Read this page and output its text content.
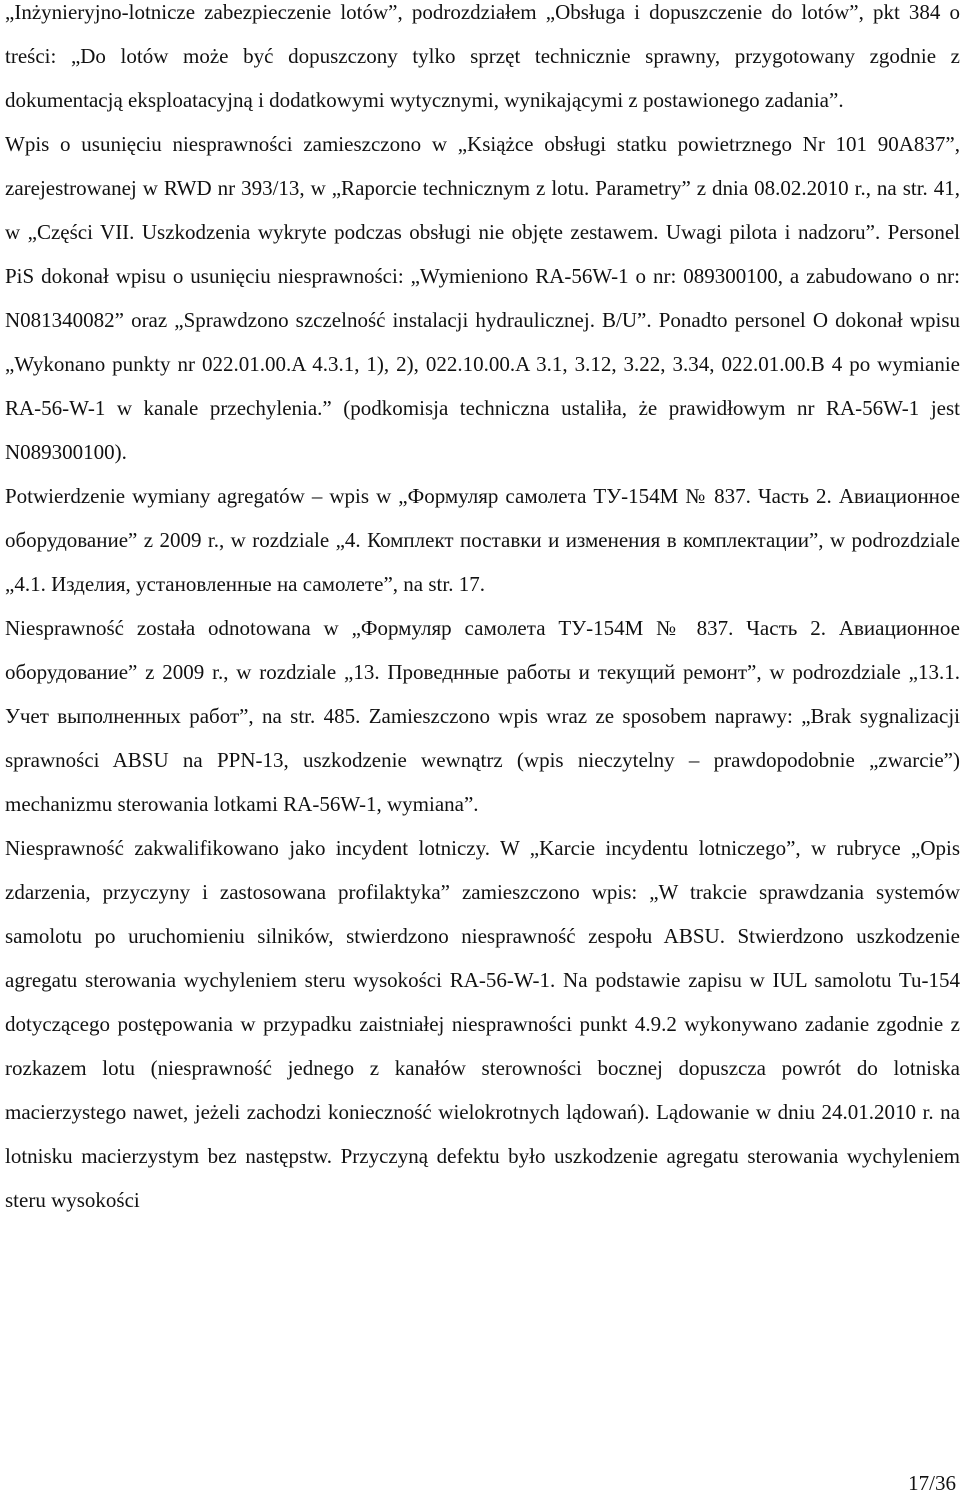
„Inżynieryjno-lotnicze zabezpieczenie lotów”, podrozdziałem „Obsługa i dopuszczenie do lotów”, pkt 384 o treści: „Do lotów może być dopuszczony tylko sprzęt technicznie sprawny, przygotowany zgodnie z dokumentacją eksploatacyjną i dodatkowymi wytycznymi, wynikającymi z postawionego zadania”.

Wpis o usunięciu niesprawności zamieszczono w „Książce obsługi statku powietrznego Nr 101 90A837”, zarejestrowanej w RWD nr 393/13, w „Raporcie technicznym z lotu. Parametry” z dnia 08.02.2010 r., na str. 41, w „Części VII. Uszkodzenia wykryte podczas obsługi nie objęte zestawem. Uwagi pilota i nadzoru”. Personel PiS dokonał wpisu o usunięciu niesprawności: „Wymieniono RA-56W-1 o nr: 089300100, a zabudowano o nr: N081340082” oraz „Sprawdzono szczelność instalacji hydraulicznej. B/U”. Ponadto personel O dokonał wpisu „Wykonano punkty nr 022.01.00.A 4.3.1, 1), 2), 022.10.00.A 3.1, 3.12, 3.22, 3.34, 022.01.00.B 4 po wymianie RA-56-W-1 w kanale przechylenia.” (podkomisja techniczna ustaliła, że prawidłowym nr RA-56W-1 jest N089300100).

Potwierdzenie wymiany agregatów – wpis w „Формуляр самолета ТУ-154М № 837. Часть 2. Авиационное оборудование” z 2009 r., w rozdziale „4. Комплект поставки и изменения в комплектации”, w podrozdziale „4.1. Изделия, установленные на самолете”, na str. 17.

Niesprawność została odnotowana w „Формуляр самолета ТУ-154М № 837. Часть 2. Авиационное оборудование” z 2009 r., w rozdziale „13. Проведнные работы и текущий ремонт”, w podrozdziale „13.1. Учет выполненных работ”, na str. 485. Zamieszczono wpis wraz ze sposobem naprawy: „Brak sygnalizacji sprawności ABSU na PPN-13, uszkodzenie wewnątrz (wpis nieczytelny – prawdopodobnie „zwarcie”) mechanizmu sterowania lotkami RA-56W-1, wymiana”.

Niesprawność zakwalifikowano jako incydent lotniczy. W „Karcie incydentu lotniczego”, w rubryce „Opis zdarzenia, przyczyny i zastosowana profilaktyka” zamieszczono wpis: „W trakcie sprawdzania systemów samolotu po uruchomieniu silników, stwierdzono niesprawność zespołu ABSU. Stwierdzono uszkodzenie agregatu sterowania wychyleniem steru wysokości RA-56-W-1. Na podstawie zapisu w IUL samolotu Tu-154 dotyczącego postępowania w przypadku zaistniałej niesprawności punkt 4.9.2 wykonywano zadanie zgodnie z rozkazem lotu (niesprawność jednego z kanałów sterowności bocznej dopuszcza powrót do lotniska macierzystego nawet, jeżeli zachodzi konieczność wielokrotnych lądowań). Lądowanie w dniu 24.01.2010 r. na lotnisku macierzystym bez następstw. Przyczyną defektu było uszkodzenie agregatu sterowania wychyleniem steru wysokości

17/36
